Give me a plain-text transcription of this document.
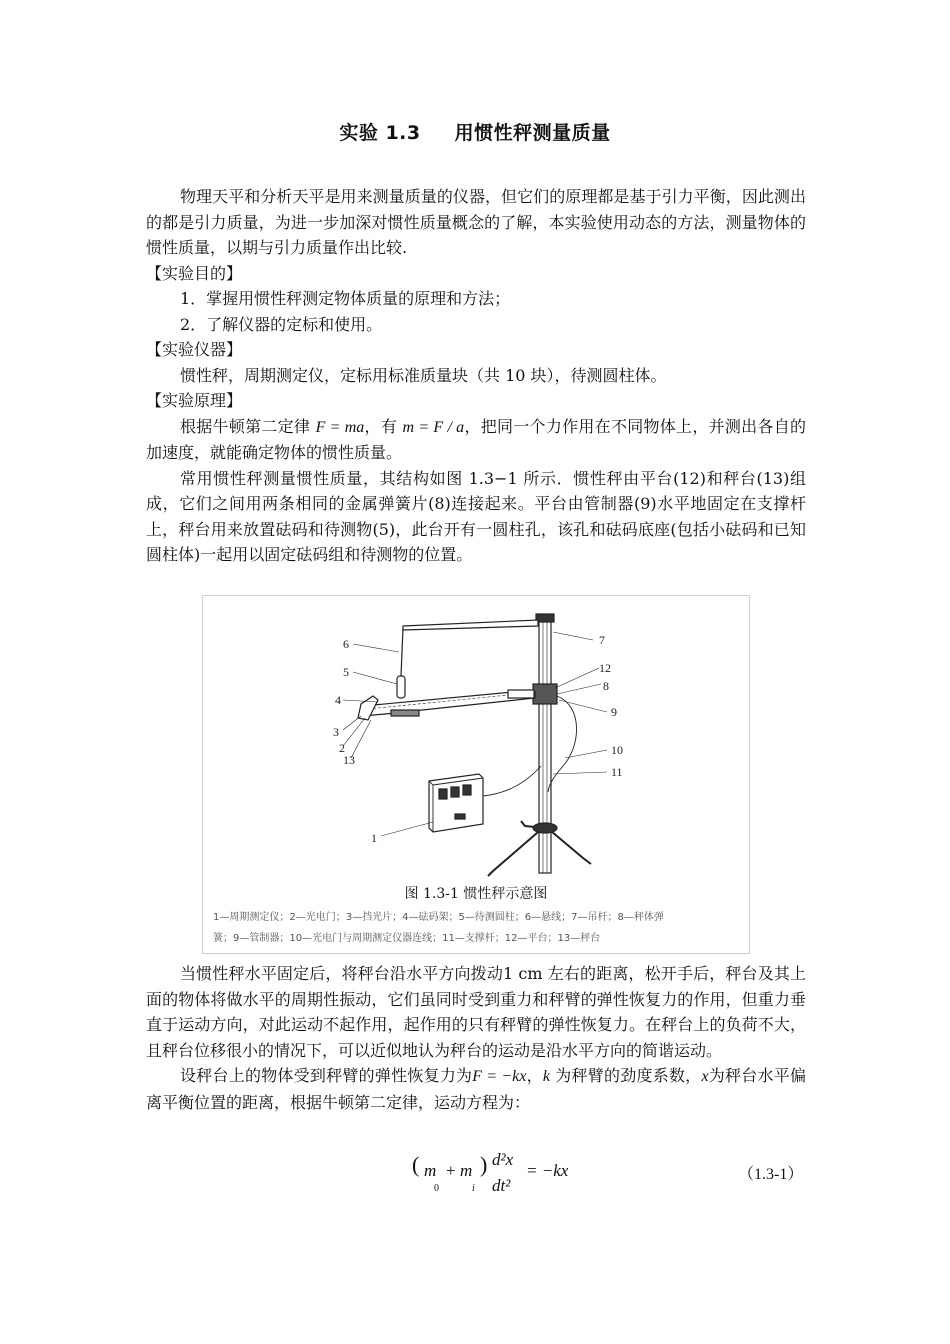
实验 1.3 用惯性秤测量质量

物理天平和分析天平是用来测量质量的仪器，但它们的原理都是基于引力平衡，因此测出的都是引力质量，为进一步加深对惯性质量概念的了解，本实验使用动态的方法，测量物体的惯性质量，以期与引力质量作出比较.

【实验目的】

1．掌握用惯性秤测定物体质量的原理和方法；

2．了解仪器的定标和使用。

【实验仪器】

惯性秤，周期测定仪，定标用标准质量块（共 10 块），待测圆柱体。

【实验原理】

根据牛顿第二定律 F = ma，有 m = F / a，把同一个力作用在不同物体上，并测出各自的加速度，就能确定物体的惯性质量。

常用惯性秤测量惯性质量，其结构如图 1.3−1 所示．惯性秤由平台(12)和秤台(13)组成，它们之间用两条相同的金属弹簧片(8)连接起来。平台由管制器(9)水平地固定在支撑杆上，秤台用来放置砝码和待测物(5)，此台开有一圆柱孔，该孔和砝码底座(包括小砝码和已知圆柱体)一起用以固定砝码组和待测物的位置。

6
5
4
3
2
13
7
12
8
9
10
11
1
图 1.3-1 惯性秤示意图
1—周期测定仪；2—光电门；3—挡光片；4—砝码架；5—待测圆柱；6—悬线；7—吊杆；8—秤体弹
簧；9—管制器；10—光电门与周期测定仪器连线；11—支撑杆；12—平台；13—秤台

当惯性秤水平固定后，将秤台沿水平方向拨动1 cm 左右的距离，松开手后，秤台及其上面的物体将做水平的周期性振动，它们虽同时受到重力和秤臂的弹性恢复力的作用，但重力垂直于运动方向，对此运动不起作用，起作用的只有秤臂的弹性恢复力。在秤台上的负荷不大，且秤台位移很小的情况下，可以近似地认为秤台的运动是沿水平方向的简谐运动。

设秤台上的物体受到秤臂的弹性恢复力为F = −kx，k 为秤臂的劲度系数，x为秤台水平偏离平衡位置的距离，根据牛顿第二定律，运动方程为：

( m
0
+ m
i
) d²x
dt²
= −kx	（1.3-1）
